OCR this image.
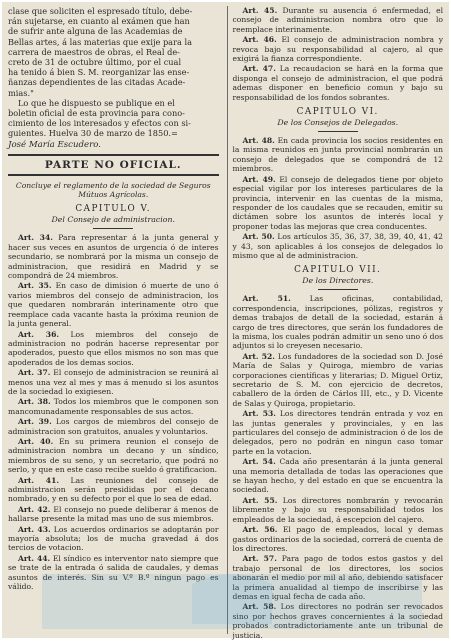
clase que soliciten el espresado título, debe-

rán sujetarse, en cuanto al exámen que han

de sufrir ante alguna de las Academias de

Bellas artes, á las materias que exije para la

carrera de maestros de obras, el Real de-

creto de 31 de octubre último, por el cual

ha tenido á bien S. M. reorganizar las ense-

ñanzas dependientes de las citadas Acade-

mias."

Lo que he dispuesto se publique en el

boletin oficial de esta provincia para cono-

cimiento de los interesados y efectos con si-

guientes. Huelva 30 de marzo de 1850.=

José María Escudero.

PARTE NO OFICIAL.

Concluye el reglamento de la sociedad de Seguros Mútuos Agrícolas.

CAPITULO V.

Del Consejo de administracion.

Art. 34. Para representar á la junta general y hacer sus veces en asuntos de urgencia ó de interes secundario, se nombrará por la misma un consejo de administracion, que residirá en Madrid y se compondrá de 24 miembros.

Art. 35. En caso de dimision ó muerte de uno ó varios miembros del consejo de administracion, los que quedaren nombrarán interinamente otro que reemplace cada vacante hasta la próxima reunion de la junta general.

Art. 36. Los miembros del consejo de administracion no podrán hacerse representar por apoderados, puesto que ellos mismos no son mas que apoderados de los demas socios.

Art. 37. El consejo de administracion se reunirá al menos una vez al mes y mas á menudo si los asuntos de la sociedad lo exigiesen.

Art. 38. Todos los miembros que le componen son mancomunadamente responsables de sus actos.

Art. 39. Los cargos de miembros del consejo de administracion son gratuitos, anuales y voluntarios.

Art. 40. En su primera reunion el consejo de administracion nombra un decano y un síndico, miembros de su seno, y un secretario, que podrá no serlo, y que en este caso recibe sueldo ó gratificacion.

Art. 41. Las reuniones del consejo de administracion serán presididas por el decano nombrado, y en su defecto por el que lo sea de edad.

Art. 42. El consejo no puede deliberar á menos de hallarse presente la mitad mas uno de sus miembros.

Art. 43. Los acuerdos ordinarios se adoptarán por mayoría absoluta; los de mucha gravedad á dos tercios de votacion.

Art. 44. El síndico es interventor nato siempre que se trate de la entrada ó salida de caudales, y demas asuntos de interés. Sin su V.º B.º ningun pago es válido.

Art. 45. Durante su ausencia ó enfermedad, el consejo de administracion nombra otro que lo reemplace interinamente.

Art. 46. El consejo de administracion nombra y revoca bajo su responsabilidad al cajero, al que exigirá la fianza correspondiente.

Art. 47. La recaudacion se hará en la forma que disponga el consejo de administracion, el que podrá ademas disponer en beneficio comun y bajo su responsabilidad de los fondos sobrantes.

CAPITULO VI.

De los Consejos de Delegados.

Art. 48. En cada provincia los socios residentes en la misma reunidos en junta provincial nombrarán un consejo de delegados que se compondrá de 12 miembros.

Art. 49. El consejo de delegados tiene por objeto especial vigilar por los intereses particulares de la provincia, intervenir en las cuentas de la misma, responder de los caudales que se recauden, emitir su dictámen sobre los asuntos de interés local y proponer todas las mejoras que crea conducentes.

Art. 50. Los artículos 35, 36, 37, 38, 39, 40, 41, 42 y 43, son aplicables á los consejos de delegados lo mismo que al de administracion.

CAPITULO VII.

De los Directores.

Art. 51. Las oficinas, contabilidad, correspondencia, inscripciones, pólizas, registros y demas trabajos de detall de la sociedad, estarán á cargo de tres directores, que serán los fundadores de la misma, los cuales podrán admitir un seno uno ó dos adjuntos si lo creyesen necesario.

Art. 52. Los fundadores de la sociedad son D. José María de Salas y Quiroga, miembro de varias corporaciones científicas y literarias; D. Miguel Ortiz, secretario de S. M. con ejercicio de decretos, caballero de la órden de Cárlos III, etc., y D. Vicente de Salas y Quiroga, propietario.

Art. 53. Los directores tendrán entrada y voz en las juntas generales y provinciales, y en las particulares del consejo de administracion ó de los de delegados, pero no podrán en ningun caso tomar parte en la votacion.

Art. 54. Cada año presentarán á la junta general una memoria detallada de todas las operaciones que se hayan hecho, y del estado en que se encuentra la sociedad.

Art. 55. Los directores nombrarán y revocarán libremente y bajo su responsabilidad todos los empleados de la sociedad, á escepcion del cajero.

Art. 56. El pago de empleados, local y demas gastos ordinarios de la sociedad, correrá de cuenta de los directores.

Art. 57. Para pago de todos estos gastos y del trabajo personal de los directores, los socios abonarán el medio por mil al año, debiendo satisfacer la primera anualidad al tiempo de inscribirse y las demas en igual fecha de cada año.

Art. 58. Los directores no podrán ser revocados sino por hechos graves concernientes á la sociedad probados contradictoriamente ante un tribunal de justicia.
